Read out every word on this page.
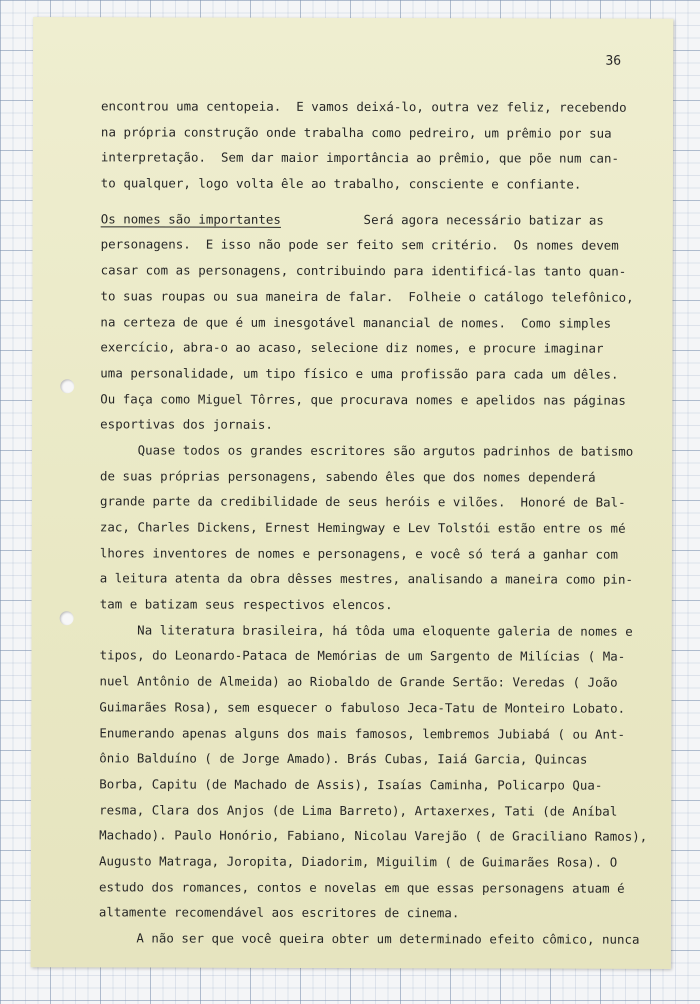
36
encontrou uma centopeia.  E vamos deixá-lo, outra vez feliz, recebendo
na própria construção onde trabalha como pedreiro, um prêmio por sua
interpretação.  Sem dar maior importância ao prêmio, que põe num can-
to qualquer, logo volta êle ao trabalho, consciente e confiante.
Os nomes são importantes           Será agora necessário batizar as
personagens.  E isso não pode ser feito sem critério.  Os nomes devem
casar com as personagens, contribuindo para identificá-las tanto quan-
to suas roupas ou sua maneira de falar.  Folheie o catálogo telefônico,
na certeza de que é um inesgotável manancial de nomes.  Como simples
exercício, abra-o ao acaso, selecione diz nomes, e procure imaginar
uma personalidade, um tipo físico e uma profissão para cada um dêles.
Ou faça como Miguel Tôrres, que procurava nomes e apelidos nas páginas
esportivas dos jornais.
Quase todos os grandes escritores são argutos padrinhos de batismo
de suas próprias personagens, sabendo êles que dos nomes dependerá
grande parte da credibilidade de seus heróis e vilões.  Honoré de Bal-
zac, Charles Dickens, Ernest Hemingway e Lev Tolstói estão entre os mé
lhores inventores de nomes e personagens, e você só terá a ganhar com
a leitura atenta da obra dêsses mestres, analisando a maneira como pin-
tam e batizam seus respectivos elencos.
Na literatura brasileira, há tôda uma eloquente galeria de nomes e
tipos, do Leonardo-Pataca de Memórias de um Sargento de Milícias ( Ma-
nuel Antônio de Almeida) ao Riobaldo de Grande Sertão: Veredas ( João
Guimarães Rosa), sem esquecer o fabuloso Jeca-Tatu de Monteiro Lobato.
Enumerando apenas alguns dos mais famosos, lembremos Jubiabá ( ou Ant-
ônio Balduíno ( de Jorge Amado). Brás Cubas, Iaiá Garcia, Quincas
Borba, Capitu (de Machado de Assis), Isaías Caminha, Policarpo Qua-
resma, Clara dos Anjos (de Lima Barreto), Artaxerxes, Tati (de Aníbal
Machado). Paulo Honório, Fabiano, Nicolau Varejão ( de Graciliano Ramos),
Augusto Matraga, Joropita, Diadorim, Miguilim ( de Guimarães Rosa). O
estudo dos romances, contos e novelas em que essas personagens atuam é
altamente recomendável aos escritores de cinema.
A não ser que você queira obter um determinado efeito cômico, nunca
